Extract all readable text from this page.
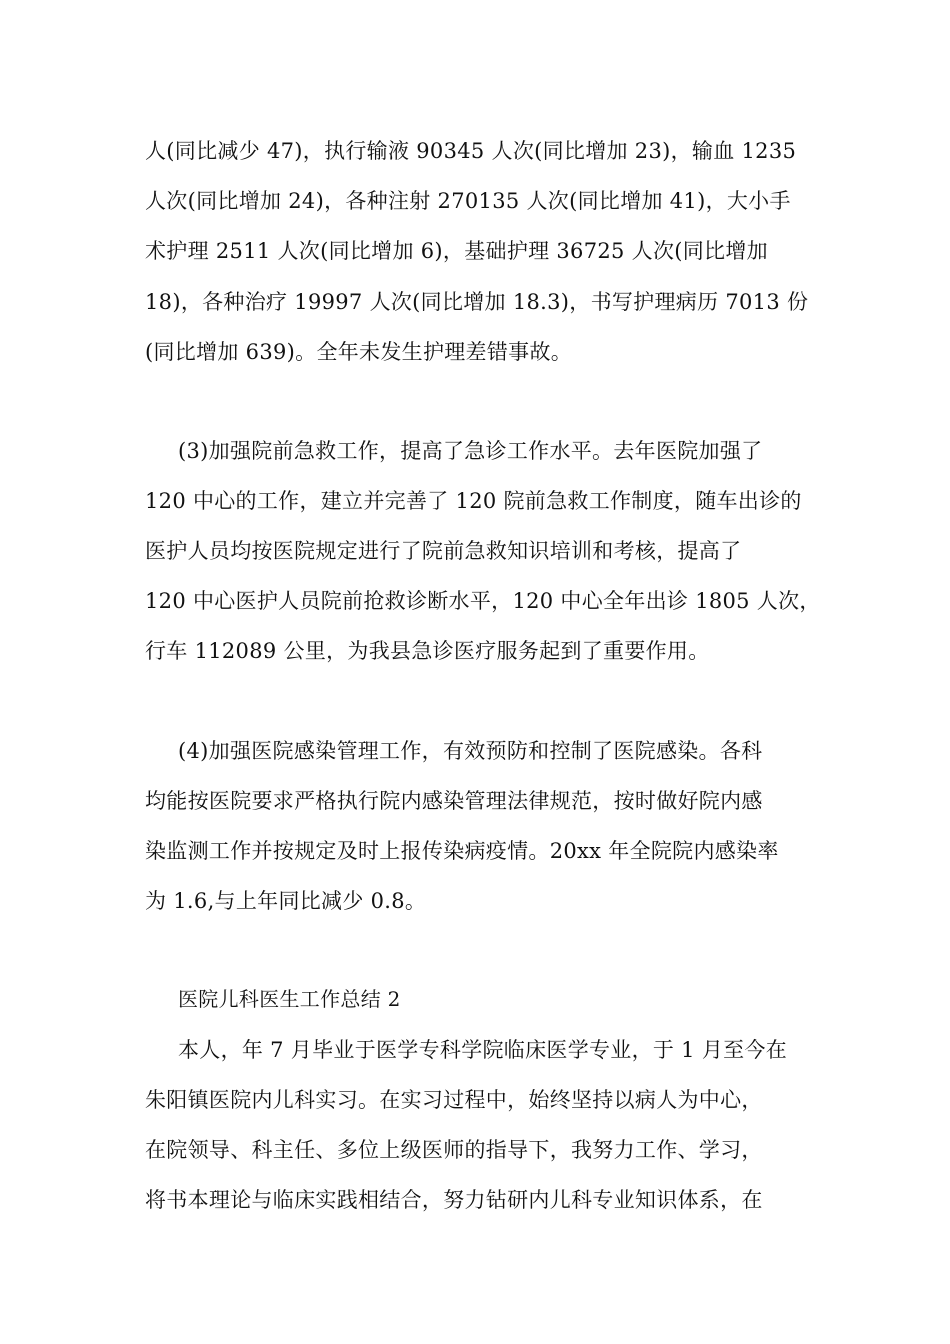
人(同比减少 47)，执行输液 90345 人次(同比增加 23)，输血 1235
人次(同比增加 24)，各种注射 270135 人次(同比增加 41)，大小手
术护理 2511 人次(同比增加 6)，基础护理 36725 人次(同比增加
18)，各种治疗 19997 人次(同比增加 18.3)，书写护理病历 7013 份
(同比增加 639)。全年未发生护理差错事故。
(3)加强院前急救工作，提高了急诊工作水平。去年医院加强了
120 中心的工作，建立并完善了 120 院前急救工作制度，随车出诊的
医护人员均按医院规定进行了院前急救知识培训和考核，提高了
120 中心医护人员院前抢救诊断水平，120 中心全年出诊 1805 人次，
行车 112089 公里，为我县急诊医疗服务起到了重要作用。
(4)加强医院感染管理工作，有效预防和控制了医院感染。各科
均能按医院要求严格执行院内感染管理法律规范，按时做好院内感
染监测工作并按规定及时上报传染病疫情。20xx 年全院院内感染率
为 1.6,与上年同比减少 0.8。
医院儿科医生工作总结 2
本人，年 7 月毕业于医学专科学院临床医学专业，于 1 月至今在
朱阳镇医院内儿科实习。在实习过程中，始终坚持以病人为中心，
在院领导、科主任、多位上级医师的指导下，我努力工作、学习，
将书本理论与临床实践相结合，努力钻研内儿科专业知识体系，在
